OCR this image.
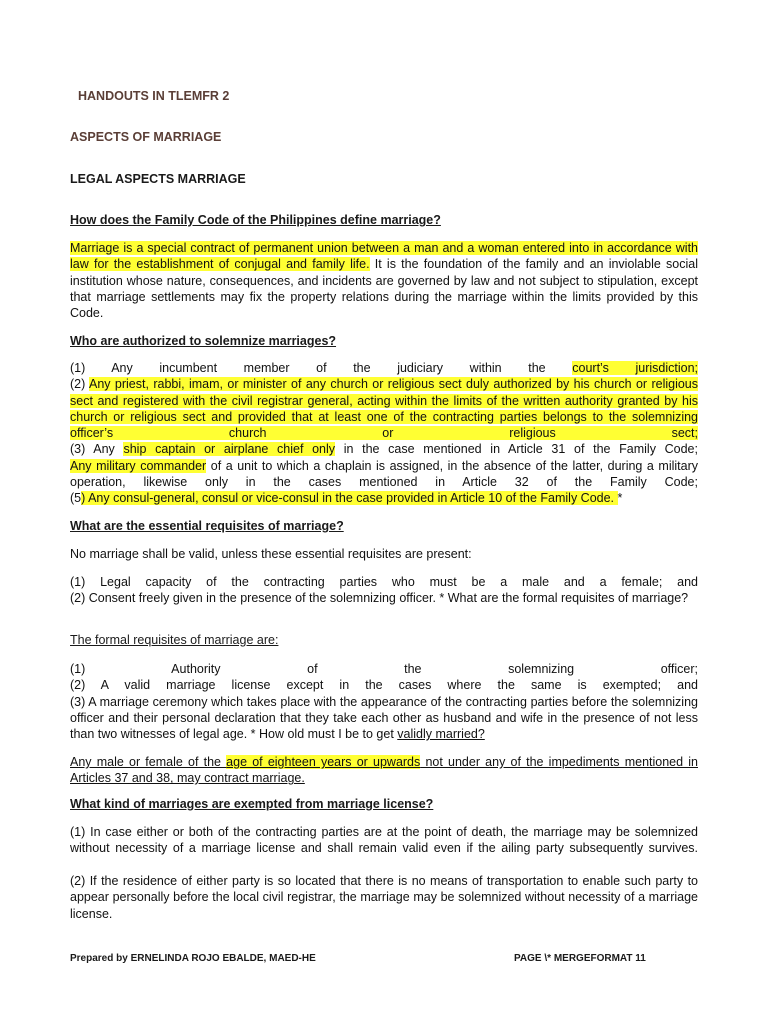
HANDOUTS IN TLEMFR 2
ASPECTS OF MARRIAGE
LEGAL ASPECTS MARRIAGE
How does the Family Code of the Philippines define marriage?
Marriage is a special contract of permanent union between a man and a woman entered into in accordance with law for the establishment of conjugal and family life. It is the foundation of the family and an inviolable social institution whose nature, consequences, and incidents are governed by law and not subject to stipulation, except that marriage settlements may fix the property relations during the marriage within the limits provided by this Code.
Who are authorized to solemnize marriages?
(1) Any incumbent member of the judiciary within the court’s jurisdiction;
(2) Any priest, rabbi, imam, or minister of any church or religious sect duly authorized by his church or religious sect and registered with the civil registrar general, acting within the limits of the written authority granted by his church or religious sect and provided that at least one of the contracting parties belongs to the solemnizing officer’s church or religious sect;
(3) Any ship captain or airplane chief only in the case mentioned in Article 31 of the Family Code;
Any military commander of a unit to which a chaplain is assigned, in the absence of the latter, during a military operation, likewise only in the cases mentioned in Article 32 of the Family Code;
(5) Any consul-general, consul or vice-consul in the case provided in Article 10 of the Family Code. *
What are the essential requisites of marriage?
No marriage shall be valid, unless these essential requisites are present:
(1) Legal capacity of the contracting parties who must be a male and a female; and
(2) Consent freely given in the presence of the solemnizing officer. * What are the formal requisites of marriage?
The formal requisites of marriage are:
(1) Authority of the solemnizing officer;
(2) A valid marriage license except in the cases where the same is exempted; and
(3) A marriage ceremony which takes place with the appearance of the contracting parties before the solemnizing officer and their personal declaration that they take each other as husband and wife in the presence of not less than two witnesses of legal age. * How old must I be to get validly married?
Any male or female of the age of eighteen years or upwards not under any of the impediments mentioned in Articles 37 and 38, may contract marriage.
What kind of marriages are exempted from marriage license?
(1) In case either or both of the contracting parties are at the point of death, the marriage may be solemnized without necessity of a marriage license and shall remain valid even if the ailing party subsequently survives.
(2) If the residence of either party is so located that there is no means of transportation to enable such party to appear personally before the local civil registrar, the marriage may be solemnized without necessity of a marriage license.
Prepared by ERNELINDA ROJO EBALDE, MAED-HE	PAGE \* MERGEFORMAT 11
